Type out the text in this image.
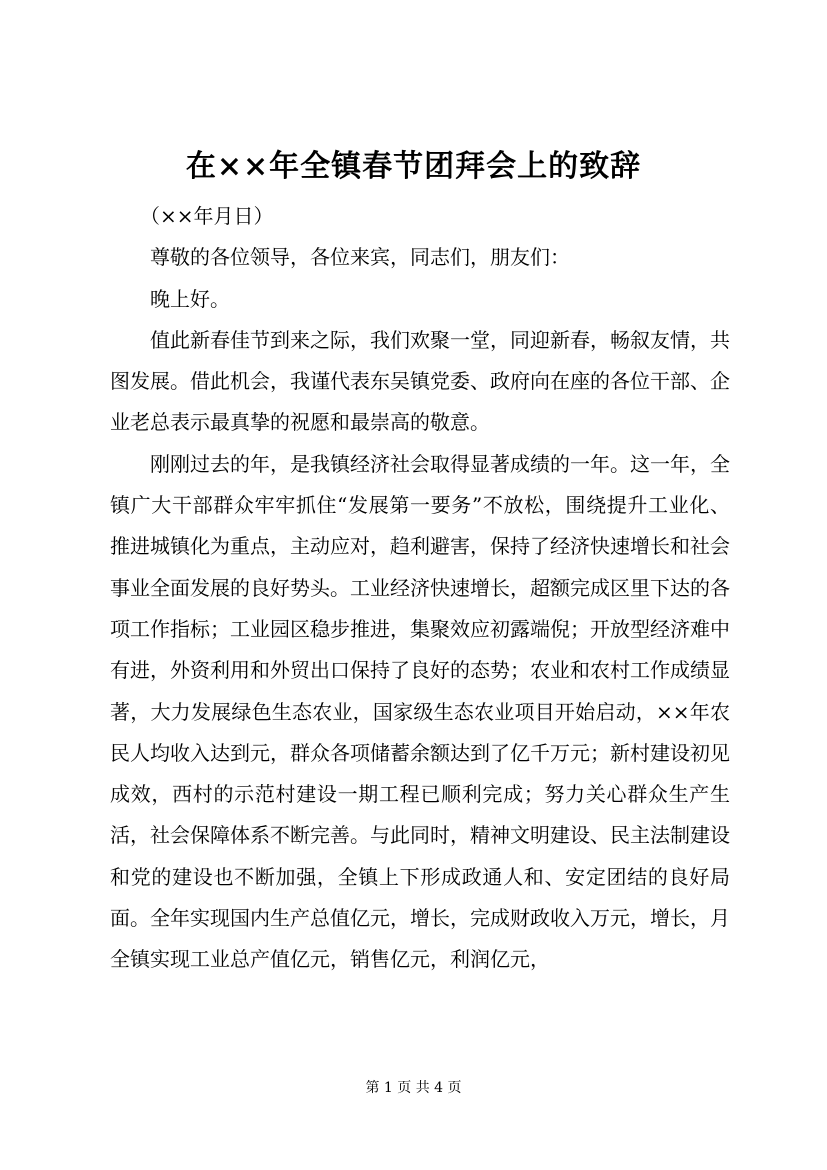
在××年全镇春节团拜会上的致辞

（××年月日）

尊敬的各位领导，各位来宾，同志们，朋友们：

晚上好。

值此新春佳节到来之际，我们欢聚一堂，同迎新春，畅叙友情，共图发展。借此机会，我谨代表东吴镇党委、政府向在座的各位干部、企业老总表示最真挚的祝愿和最崇高的敬意。

刚刚过去的年，是我镇经济社会取得显著成绩的一年。这一年，全镇广大干部群众牢牢抓住“发展第一要务”不放松，围绕提升工业化、推进城镇化为重点，主动应对，趋利避害，保持了经济快速增长和社会事业全面发展的良好势头。工业经济快速增长，超额完成区里下达的各项工作指标；工业园区稳步推进，集聚效应初露端倪；开放型经济难中有进，外资利用和外贸出口保持了良好的态势；农业和农村工作成绩显著，大力发展绿色生态农业，国家级生态农业项目开始启动，××年农民人均收入达到元，群众各项储蓄余额达到了亿千万元；新村建设初见成效，西村的示范村建设一期工程已顺利完成；努力关心群众生产生活，社会保障体系不断完善。与此同时，精神文明建设、民主法制建设和党的建设也不断加强，全镇上下形成政通人和、安定团结的良好局面。全年实现国内生产总值亿元，增长，完成财政收入万元，增长，月全镇实现工业总产值亿元，销售亿元，利润亿元，

第 1 页 共 4 页
